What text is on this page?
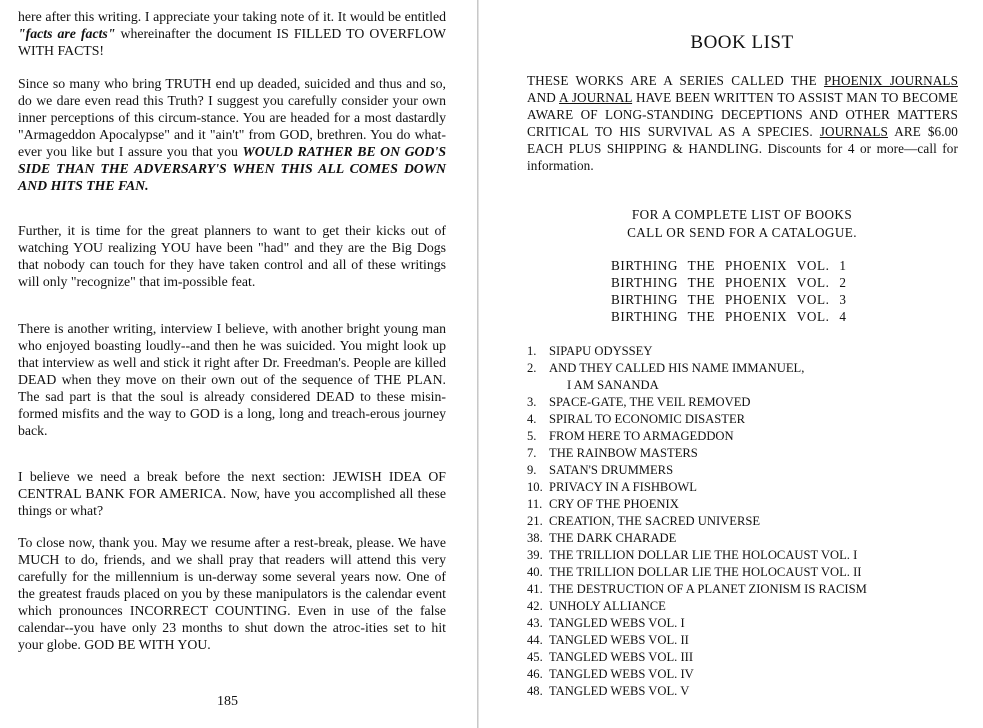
here after this writing. I appreciate your taking note of it. It would be entitled "facts are facts" whereinafter the document IS FILLED TO OVERFLOW WITH FACTS!

Since so many who bring TRUTH end up deaded, suicided and thus and so, do we dare even read this Truth? I suggest you carefully consider your own inner perceptions of this circum-stance. You are headed for a most dastardly "Armageddon Apocalypse" and it "ain't" from GOD, brethren. You do what-ever you like but I assure you that you WOULD RATHER BE ON GOD'S SIDE THAN THE ADVERSARY'S WHEN THIS ALL COMES DOWN AND HITS THE FAN.

Further, it is time for the great planners to want to get their kicks out of watching YOU realizing YOU have been "had" and they are the Big Dogs that nobody can touch for they have taken control and all of these writings will only "recognize" that im-possible feat.

There is another writing, interview I believe, with another bright young man who enjoyed boasting loudly--and then he was suicided. You might look up that interview as well and stick it right after Dr. Freedman's. People are killed DEAD when they move on their own out of the sequence of THE PLAN. The sad part is that the soul is already considered DEAD to these misin-formed misfits and the way to GOD is a long, long and treach-erous journey back.

I believe we need a break before the next section: JEWISH IDEA OF CENTRAL BANK FOR AMERICA. Now, have you accomplished all these things or what?

To close now, thank you. May we resume after a rest-break, please. We have MUCH to do, friends, and we shall pray that readers will attend this very carefully for the millennium is un-derway some several years now. One of the greatest frauds placed on you by these manipulators is the calendar event which pronounces INCORRECT COUNTING. Even in use of the false calendar--you have only 23 months to shut down the atroc-ities set to hit your globe. GOD BE WITH YOU.

185
BOOK LIST

THESE WORKS ARE A SERIES CALLED THE PHOENIX JOURNALS AND A JOURNAL HAVE BEEN WRITTEN TO ASSIST MAN TO BECOME AWARE OF LONG-STANDING DECEPTIONS AND OTHER MATTERS CRITICAL TO HIS SURVIVAL AS A SPECIES. JOURNALS ARE $6.00 EACH PLUS SHIPPING & HANDLING. Discounts for 4 or more—call for information.

FOR A COMPLETE LIST OF BOOKS
CALL OR SEND FOR A CATALOGUE.
BIRTHING THE PHOENIX VOL. 1
BIRTHING THE PHOENIX VOL. 2
BIRTHING THE PHOENIX VOL. 3
BIRTHING THE PHOENIX VOL. 4
1. SIPAPU ODYSSEY
2. AND THEY CALLED HIS NAME IMMANUEL,
I AM SANANDA
3. SPACE-GATE, THE VEIL REMOVED
4. SPIRAL TO ECONOMIC DISASTER
5. FROM HERE TO ARMAGEDDON
7. THE RAINBOW MASTERS
9. SATAN'S DRUMMERS
10. PRIVACY IN A FISHBOWL
11. CRY OF THE PHOENIX
21. CREATION, THE SACRED UNIVERSE
38. THE DARK CHARADE
39. THE TRILLION DOLLAR LIE THE HOLOCAUST VOL. I
40. THE TRILLION DOLLAR LIE THE HOLOCAUST VOL. II
41. THE DESTRUCTION OF A PLANET ZIONISM IS RACISM
42. UNHOLY ALLIANCE
43. TANGLED WEBS VOL. I
44. TANGLED WEBS VOL. II
45. TANGLED WEBS VOL. III
46. TANGLED WEBS VOL. IV
48. TANGLED WEBS VOL. V
